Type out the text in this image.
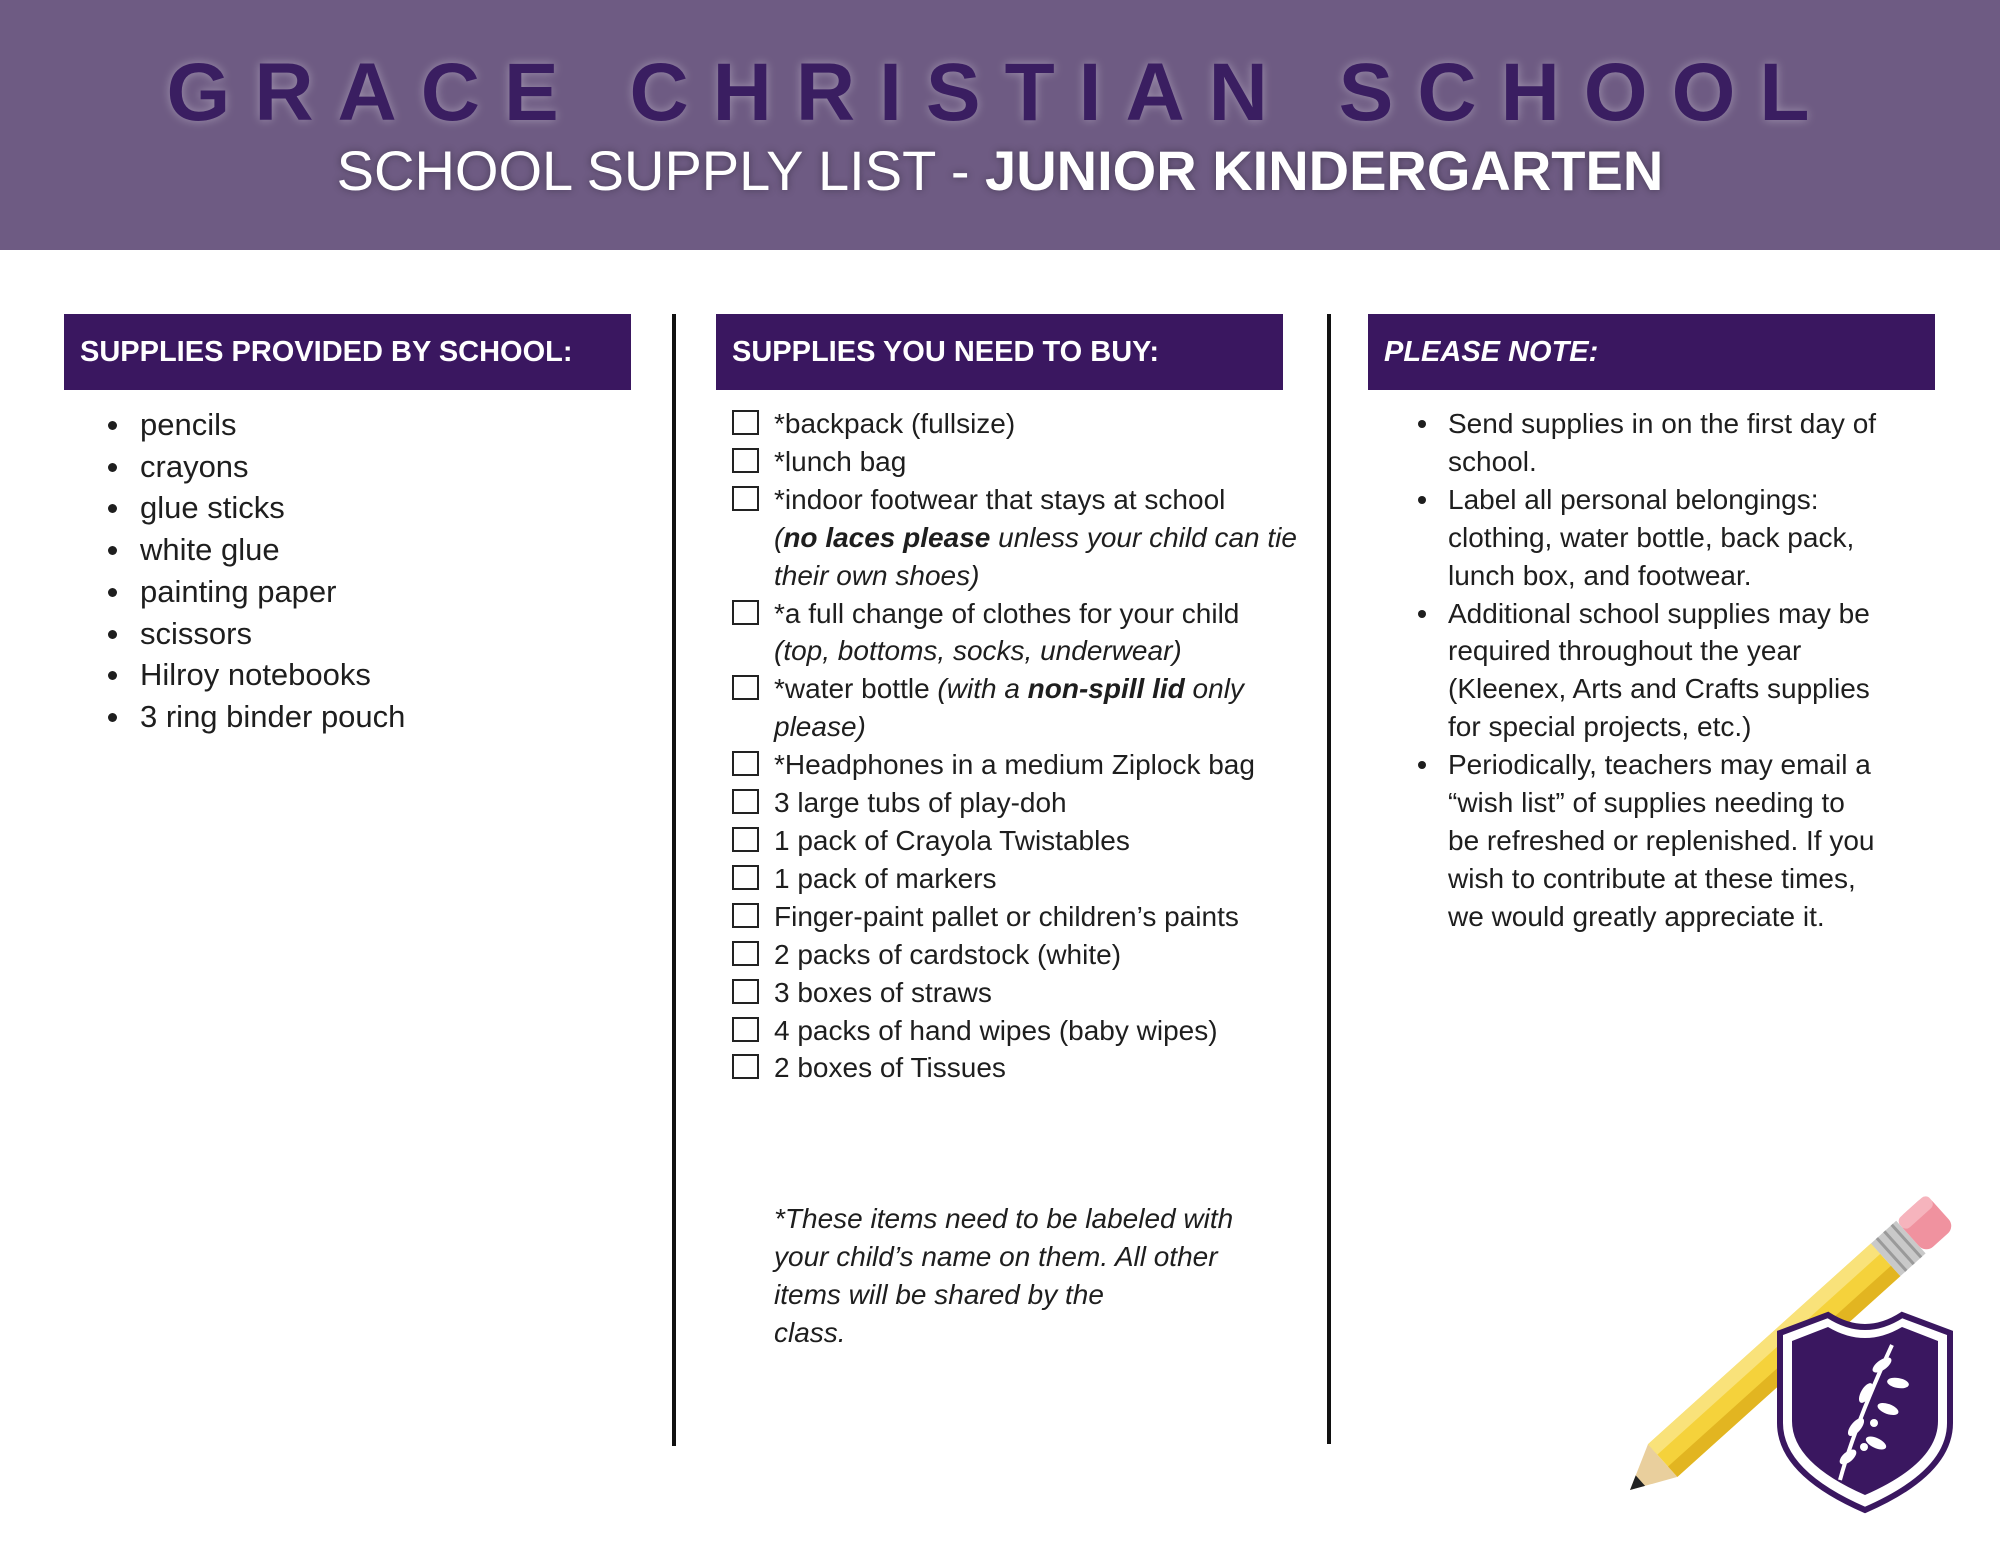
GRACE CHRISTIAN SCHOOL
SCHOOL SUPPLY LIST - JUNIOR KINDERGARTEN
SUPPLIES PROVIDED BY SCHOOL:
pencils
crayons
glue sticks
white glue
painting paper
scissors
Hilroy notebooks
3 ring binder pouch
SUPPLIES YOU NEED TO BUY:
*backpack (fullsize)
*lunch bag
*indoor footwear that stays at school
(no laces please unless your child can tie
their own shoes)
*a full change of clothes for your child
(top, bottoms, socks, underwear)
*water bottle (with a non-spill lid only
please)
*Headphones in a medium Ziplock bag
3 large tubs of play-doh
1 pack of Crayola Twistables
1 pack of markers
Finger-paint pallet or children’s paints
2 packs of cardstock (white)
3 boxes of straws
4 packs of hand wipes (baby wipes)
2 boxes of Tissues
*These items need to be labeled with
your child’s name on them. All other
items will be shared by the
class.
PLEASE NOTE:
Send supplies in on the first day of
school.
Label all personal belongings:
clothing, water bottle, back pack,
lunch box, and footwear.
Additional school supplies may be
required throughout the year
(Kleenex, Arts and Crafts supplies
for special projects, etc.)
Periodically, teachers may email a
“wish list” of supplies needing to
be refreshed or replenished. If you
wish to contribute at these times,
we would greatly appreciate it.
